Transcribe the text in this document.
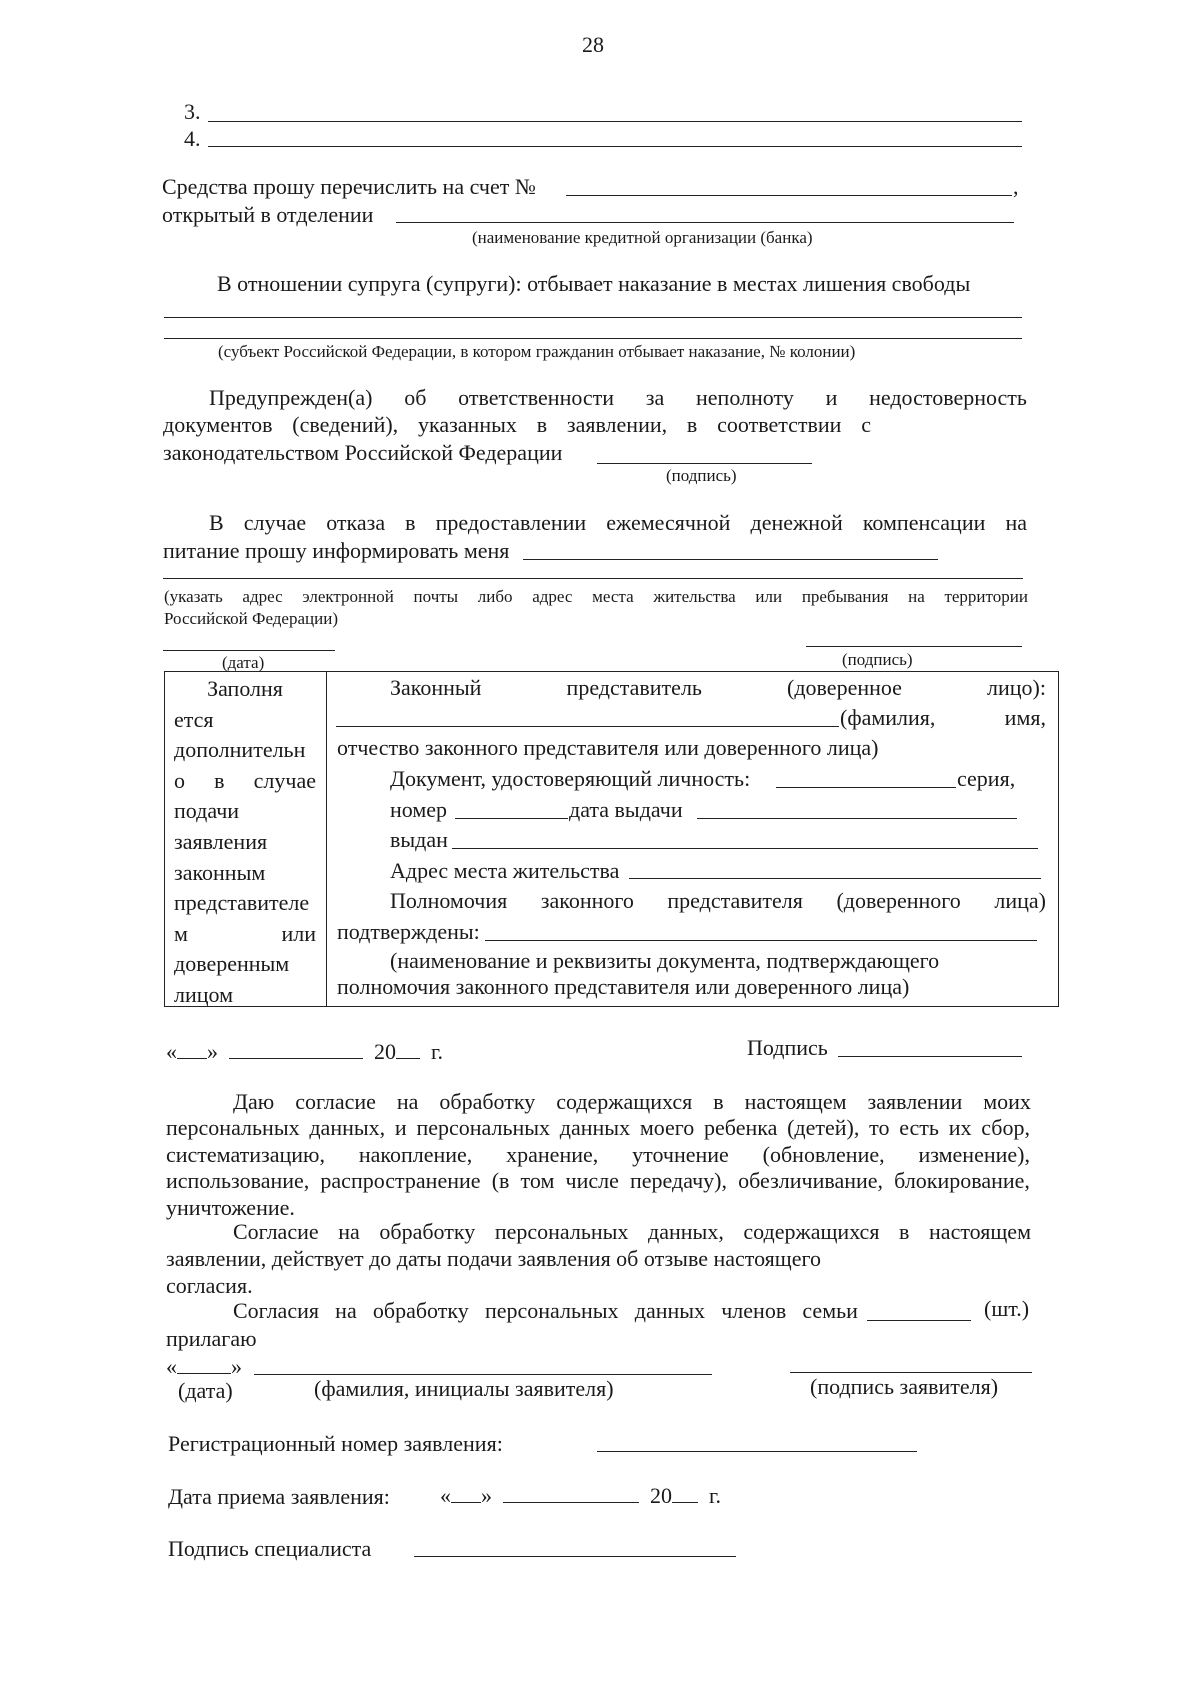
28
3.
4.
Средства прошу перечислить на счет №	,
открытый в отделении
(наименование кредитной организации (банка)
В отношении супруга (супруги): отбывает наказание в местах лишения свободы
(субъект Российской Федерации, в котором гражданин отбывает наказание, № колонии)
Предупрежден(а) об ответственности за неполноту и недостоверность
документов (сведений), указанных в заявлении, в соответствии с
законодательством Российской Федерации
(подпись)
В случае отказа в предоставлении ежемесячной денежной компенсации на
питание прошу информировать меня
(указать адрес электронной почты либо адрес места жительства или пребывания на территории
Российской Федерации)
(дата)	(подпись)
Заполня
ется
дополнительн
о в случае
подачи
заявления
законным
представителе
м	или
доверенным
лицом
Законный	представитель	(доверенное	лицо):
(фамилия,	имя,
отчество законного представителя или доверенного лица)
Документ, удостоверяющий личность:	серия,
номер	дата выдачи
выдан
Адрес места жительства
Полномочия законного представителя (доверенного лица)
подтверждены:
(наименование и реквизиты документа, подтверждающего
полномочия законного представителя или доверенного лица)
« »	20 г.	Подпись
Даю согласие на обработку содержащихся в настоящем заявлении моих
персональных данных, и персональных данных моего ребенка (детей), то есть их сбор,
систематизацию, накопление, хранение, уточнение (обновление, изменение),
использование, распространение (в том числе передачу), обезличивание, блокирование,
уничтожение.
Согласие на обработку персональных данных, содержащихся в настоящем
заявлении, действует до даты подачи заявления об отзыве настоящего
согласия.
Согласия на обработку персональных данных членов семьи	(шт.)
прилагаю
« »
(дата)	(фамилия, инициалы заявителя)	(подпись заявителя)
Регистрационный номер заявления:
Дата приема заявления: « »	20 г.
Подпись специалиста
